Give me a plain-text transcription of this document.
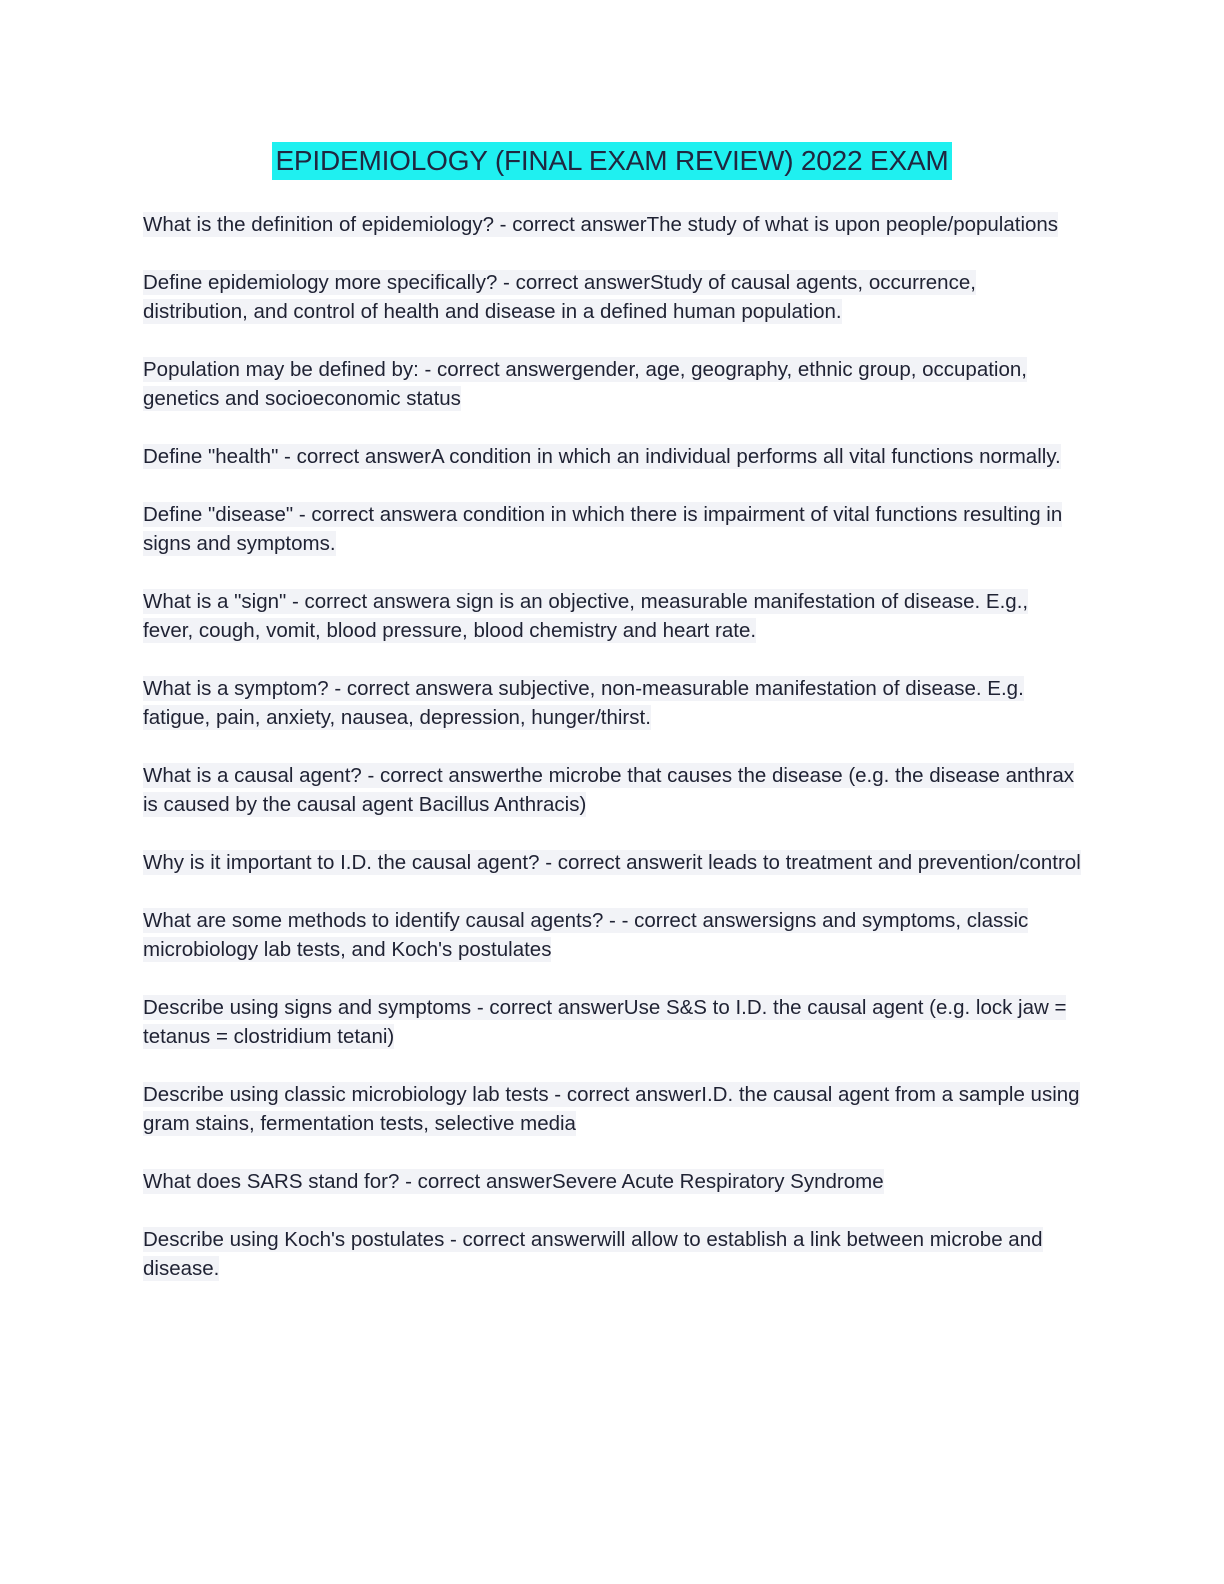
EPIDEMIOLOGY (FINAL EXAM REVIEW) 2022 EXAM

What is the definition of epidemiology? - correct answerThe study of what is upon people/populations

Define epidemiology more specifically? - correct answerStudy of causal agents, occurrence, distribution, and control of health and disease in a defined human population.

Population may be defined by: - correct answergender, age, geography, ethnic group, occupation, genetics and socioeconomic status

Define "health" - correct answerA condition in which an individual performs all vital functions normally.

Define "disease" - correct answera condition in which there is impairment of vital functions resulting in signs and symptoms.

What is a "sign" - correct answera sign is an objective, measurable manifestation of disease. E.g., fever, cough, vomit, blood pressure, blood chemistry and heart rate.

What is a symptom? - correct answera subjective, non-measurable manifestation of disease. E.g. fatigue, pain, anxiety, nausea, depression, hunger/thirst.

What is a causal agent? - correct answerthe microbe that causes the disease (e.g. the disease anthrax is caused by the causal agent Bacillus Anthracis)

Why is it important to I.D. the causal agent? - correct answerit leads to treatment and prevention/control

What are some methods to identify causal agents? - - correct answersigns and symptoms, classic microbiology lab tests, and Koch's postulates

Describe using signs and symptoms - correct answerUse S&S to I.D. the causal agent (e.g. lock jaw = tetanus = clostridium tetani)

Describe using classic microbiology lab tests - correct answerI.D. the causal agent from a sample using gram stains, fermentation tests, selective media

What does SARS stand for? - correct answerSevere Acute Respiratory Syndrome

Describe using Koch's postulates - correct answerwill allow to establish a link between microbe and disease.
